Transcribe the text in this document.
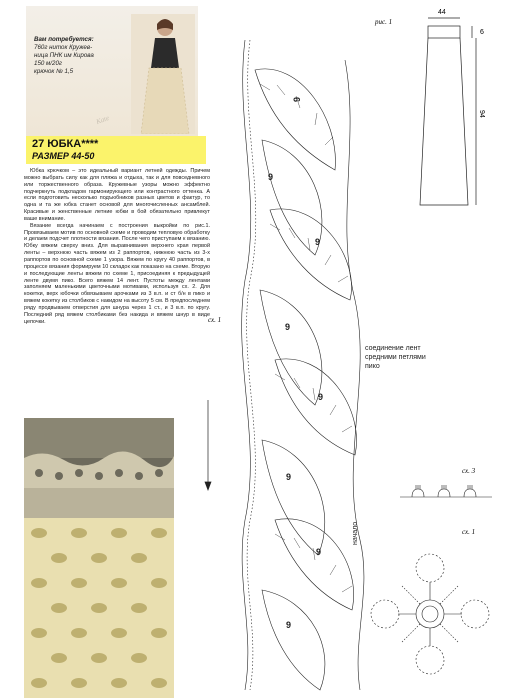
Вам потребуется:
760г ниток Кружев-
ница ПНК им Кирова
150 м/20г
крючок № 1,5
Kate
27 ЮБКА****
РАЗМЕР 44-50

Юбка крючком – это идеальный вариант летней одежды. Причем можно выбрать силу как для пляжа и отдыха, так и для повседневного или торжественного образа. Кружевные узоры можно эффектно подчеркнуть подкладом гармонирующего или контрастного оттенка. А если подготовить несколько подъюбников разных цветов и фактур, то одна и та же юбка станет основой для многочисленных ансамблей. Красивые и женственные летние юбки в бой обязательно привлекут ваше внимание.

Вязание всегда начинаем с построения выкройки по рис.1. Провязываем мотив по основной схеме и проводим тепловую обработку и делаем подсчет плотности вязания. После чего приступаем к вязанию. Юбку вяжем сверху вниз. Для выравнивания верхнего края первой ленты – верхнюю часть вяжем из 2 раппортов, нижнюю часть из 3-х раппортов по основной схеме 1 узора. Вяжем по кругу 40 раппортов, в процессе вязания формируем 10 складок как показано на схеме. Вторую и последующие ленты вяжем по схеме 1, присоединяя к предыдущей ленте двумя пико. Всего вяжем 14 лент. Пустоты между лентами заполняем маленькими цветочными мотивами, используя сх. 2. Для кокетки, верх юбочки обвязываем арочками из 3 в.п. и ст б/н в пико и вяжем кокетку из столбиков с накидом на высоту 5 см. В предпоследнем ряду продвываем отверстия для шнура через 1 ст., и 3 в.п. по кругу. Последний ряд вяжем столбиками без накида и вяжем шнур в виде цепочки.

рис. 1
44
6
94
9
9
9
9
9
9
9
9
сх. 1
соединение лент
средними петлями
пико
начало
сх. 3
сх. 1
